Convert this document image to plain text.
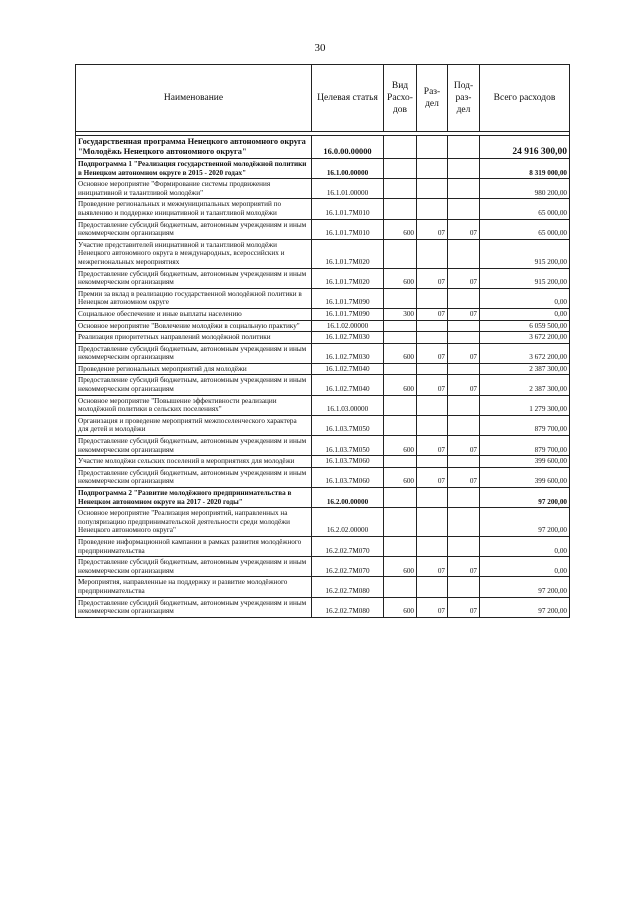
30
Наименование	Целевая статья	Вид Расхо-дов	Раз-дел	Под-раз-дел	Всего расходов

Государственная программа Ненецкого автономного округа "Молодёжь Ненецкого автономного округа"	16.0.00.00000				24 916 300,00
Подпрограмма 1 "Реализация государственной молодёжной политики в Ненецком автономном округе в 2015 - 2020 годах"	16.1.00.00000				8 319 000,00
Основное мероприятие "Формирование системы продвижения инициативной и талантливой молодёжи"	16.1.01.00000				980 200,00
Проведение региональных и межмуниципальных мероприятий по выявлению и поддержке инициативной и талантливой молодёжи	16.1.01.7М010				65 000,00
Предоставление субсидий бюджетным, автономным учреждениям и иным некоммерческим организациям	16.1.01.7М010	600	07	07	65 000,00
Участие представителей инициативной и талантливой молодёжи Ненецкого автономного округа в международных, всероссийских и межрегиональных мероприятиях	16.1.01.7М020				915 200,00
Предоставление субсидий бюджетным, автономным учреждениям и иным некоммерческим организациям	16.1.01.7М020	600	07	07	915 200,00
Премии за вклад в реализацию государственной молодёжной политики в Ненецком автономном округе	16.1.01.7М090				0,00
Социальное обеспечение и иные выплаты населению	16.1.01.7М090	300	07	07	0,00
Основное мероприятие "Вовлечение молодёжи в социальную практику"	16.1.02.00000				6 059 500,00
Реализация приоритетных направлений молодёжной политики	16.1.02.7М030				3 672 200,00
Предоставление субсидий бюджетным, автономным учреждениям и иным некоммерческим организациям	16.1.02.7М030	600	07	07	3 672 200,00
Проведение региональных мероприятий для молодёжи	16.1.02.7М040				2 387 300,00
Предоставление субсидий бюджетным, автономным учреждениям и иным некоммерческим организациям	16.1.02.7М040	600	07	07	2 387 300,00
Основное мероприятие "Повышение эффективности реализации молодёжной политики в сельских поселениях"	16.1.03.00000				1 279 300,00
Организация и проведение мероприятий межпоселенческого характера для детей и молодёжи	16.1.03.7М050				879 700,00
Предоставление субсидий бюджетным, автономным учреждениям и иным некоммерческим организациям	16.1.03.7М050	600	07	07	879 700,00
Участие молодёжи сельских поселений в мероприятиях для молодёжи	16.1.03.7М060				399 600,00
Предоставление субсидий бюджетным, автономным учреждениям и иным некоммерческим организациям	16.1.03.7М060	600	07	07	399 600,00
Подпрограмма 2 "Развитие молодёжного предпринимательства в Ненецком автономном округе на 2017 - 2020 годы"	16.2.00.00000				97 200,00
Основное мероприятие "Реализация мероприятий, направленных на популяризацию предпринимательской деятельности среди молодёжи Ненецкого автономного округа"	16.2.02.00000				97 200,00
Проведение информационной кампании в рамках развития молодёжного предпринимательства	16.2.02.7М070				0,00
Предоставление субсидий бюджетным, автономным учреждениям и иным некоммерческим организациям	16.2.02.7М070	600	07	07	0,00
Мероприятия, направленные на поддержку и развитие молодёжного предпринимательства	16.2.02.7М080				97 200,00
Предоставление субсидий бюджетным, автономным учреждениям и иным некоммерческим организациям	16.2.02.7М080	600	07	07	97 200,00
